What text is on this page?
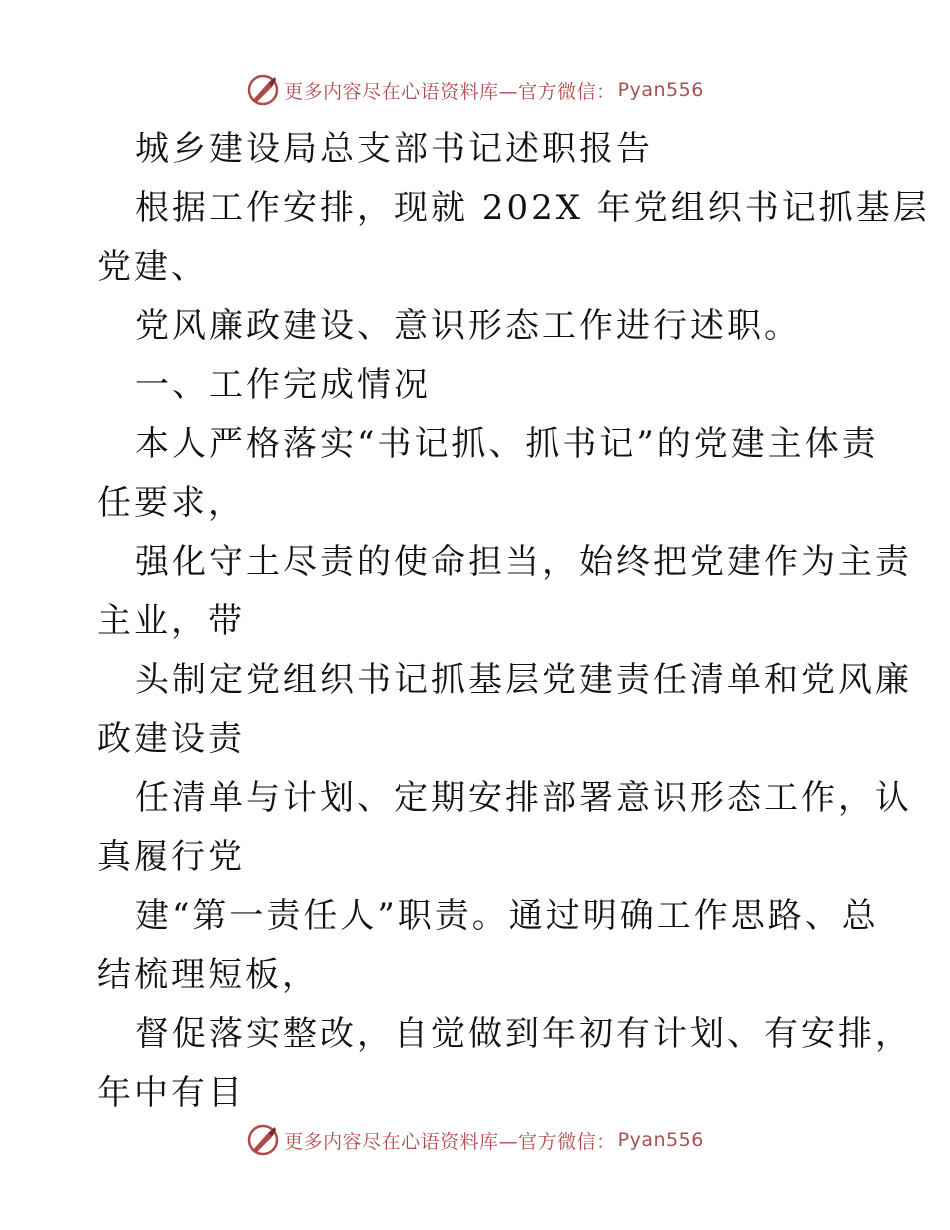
更多内容尽在心语资料库—官方微信： Pyan556

城乡建设局总支部书记述职报告

根据工作安排，现就 202X 年党组织书记抓基层
党建、

党风廉政建设、意识形态工作进行述职。

一、工作完成情况

本人严格落实“书记抓、抓书记”的党建主体责
任要求，

强化守土尽责的使命担当，始终把党建作为主责
主业，带

头制定党组织书记抓基层党建责任清单和党风廉
政建设责

任清单与计划、定期安排部署意识形态工作，认
真履行党

建“第一责任人”职责。通过明确工作思路、总
结梳理短板，

督促落实整改，自觉做到年初有计划、有安排，
年中有目

更多内容尽在心语资料库—官方微信： Pyan556
